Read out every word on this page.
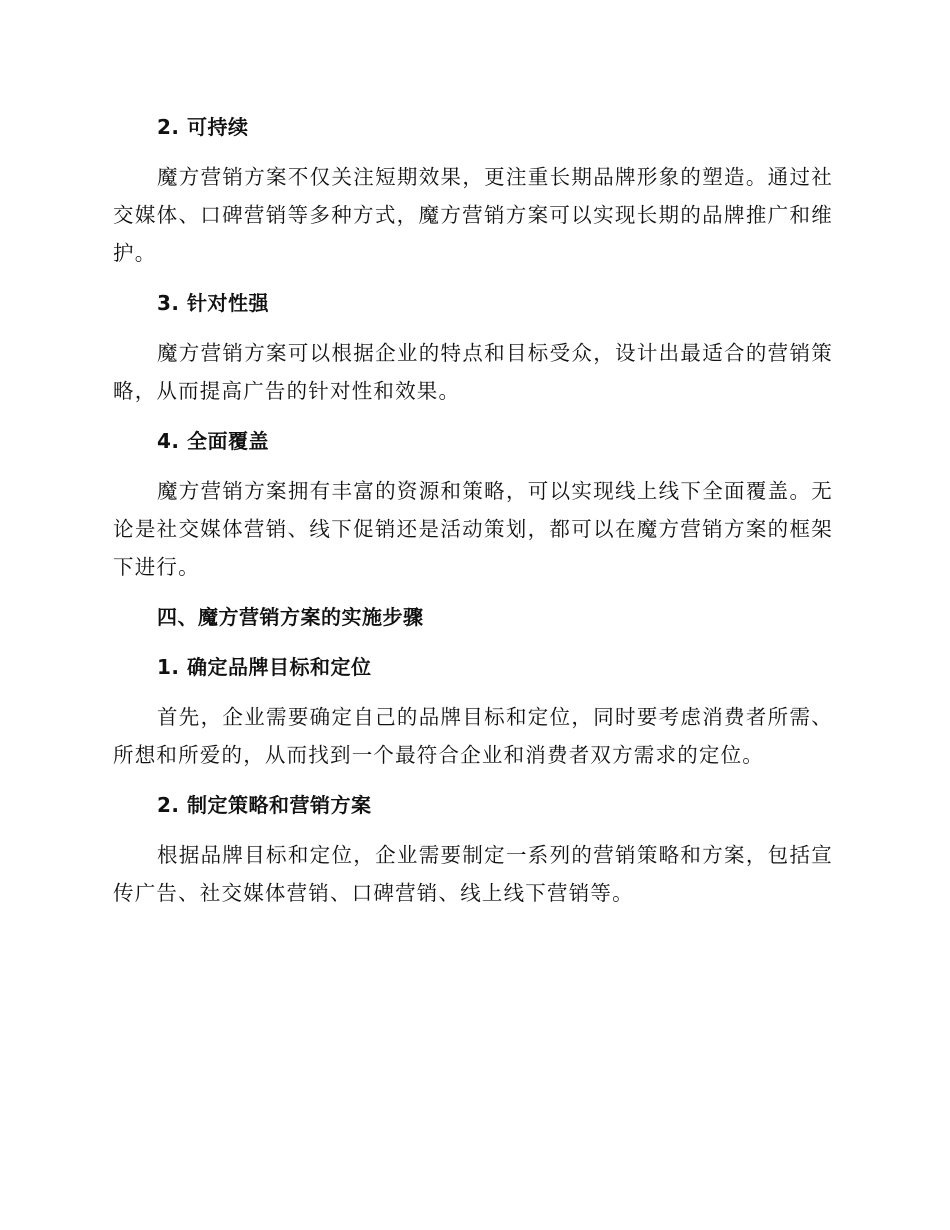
2. 可持续
魔方营销方案不仅关注短期效果，更注重长期品牌形象的塑造。通过社交媒体、口碑营销等多种方式，魔方营销方案可以实现长期的品牌推广和维护。
3. 针对性强
魔方营销方案可以根据企业的特点和目标受众，设计出最适合的营销策略，从而提高广告的针对性和效果。
4. 全面覆盖
魔方营销方案拥有丰富的资源和策略，可以实现线上线下全面覆盖。无论是社交媒体营销、线下促销还是活动策划，都可以在魔方营销方案的框架下进行。
四、魔方营销方案的实施步骤
1. 确定品牌目标和定位
首先，企业需要确定自己的品牌目标和定位，同时要考虑消费者所需、所想和所爱的，从而找到一个最符合企业和消费者双方需求的定位。
2. 制定策略和营销方案
根据品牌目标和定位，企业需要制定一系列的营销策略和方案，包括宣传广告、社交媒体营销、口碑营销、线上线下营销等。
